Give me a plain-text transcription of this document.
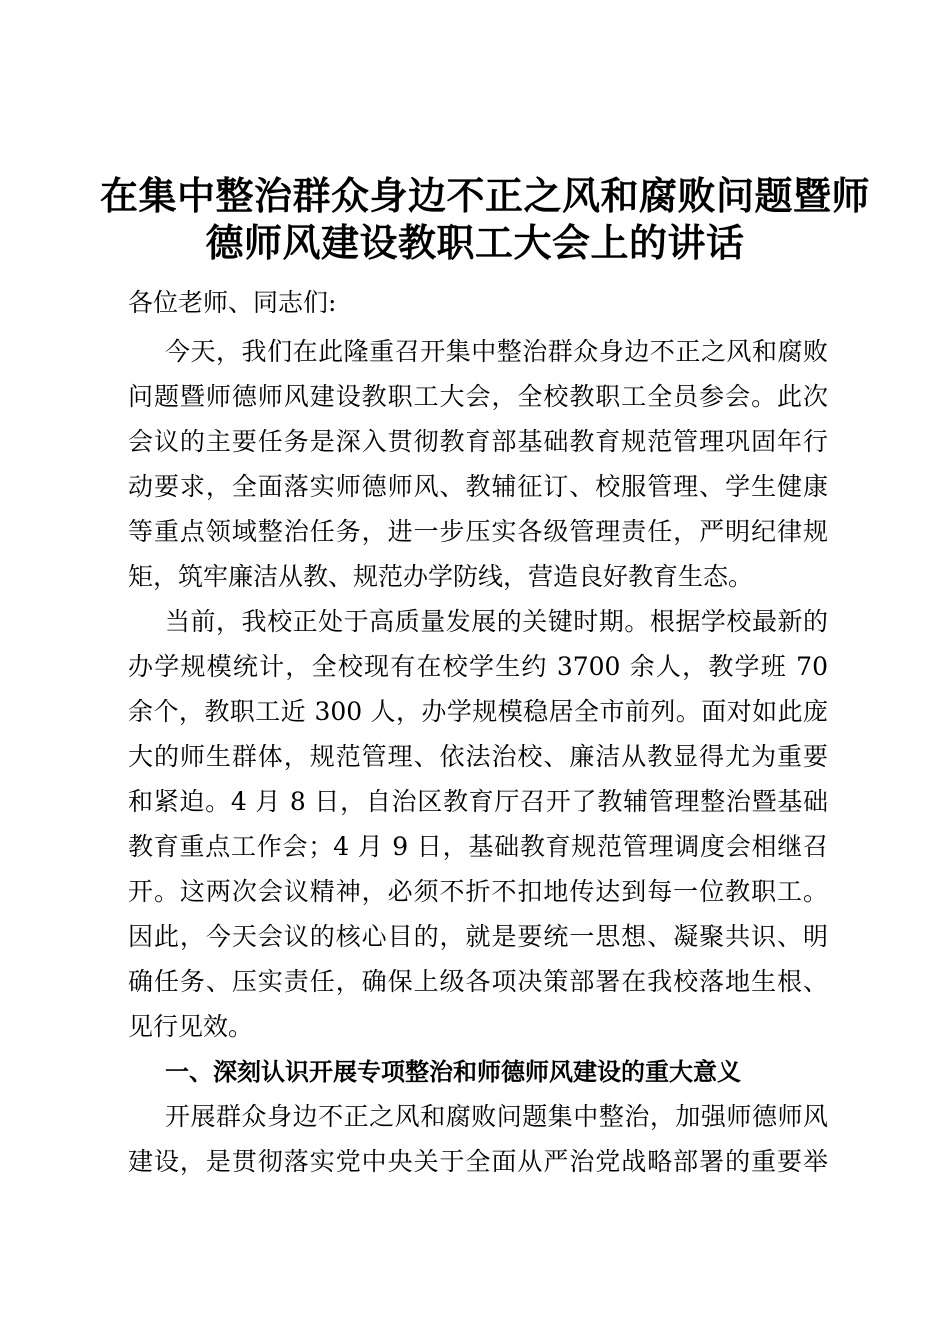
在集中整治群众身边不正之风和腐败问题暨师
德师风建设教职工大会上的讲话
各位老师、同志们:
今天，我们在此隆重召开集中整治群众身边不正之风和腐败
问题暨师德师风建设教职工大会，全校教职工全员参会。此次
会议的主要任务是深入贯彻教育部基础教育规范管理巩固年行
动要求，全面落实师德师风、教辅征订、校服管理、学生健康
等重点领域整治任务，进一步压实各级管理责任，严明纪律规
矩，筑牢廉洁从教、规范办学防线，营造良好教育生态。
当前，我校正处于高质量发展的关键时期。根据学校最新的
办学规模统计，全校现有在校学生约 3700 余人，教学班 70
余个，教职工近 300 人，办学规模稳居全市前列。面对如此庞
大的师生群体，规范管理、依法治校、廉洁从教显得尤为重要
和紧迫。4 月 8 日，自治区教育厅召开了教辅管理整治暨基础
教育重点工作会；4 月 9 日，基础教育规范管理调度会相继召
开。这两次会议精神，必须不折不扣地传达到每一位教职工。
因此，今天会议的核心目的，就是要统一思想、凝聚共识、明
确任务、压实责任，确保上级各项决策部署在我校落地生根、
见行见效。
一、深刻认识开展专项整治和师德师风建设的重大意义
开展群众身边不正之风和腐败问题集中整治，加强师德师风
建设，是贯彻落实党中央关于全面从严治党战略部署的重要举
